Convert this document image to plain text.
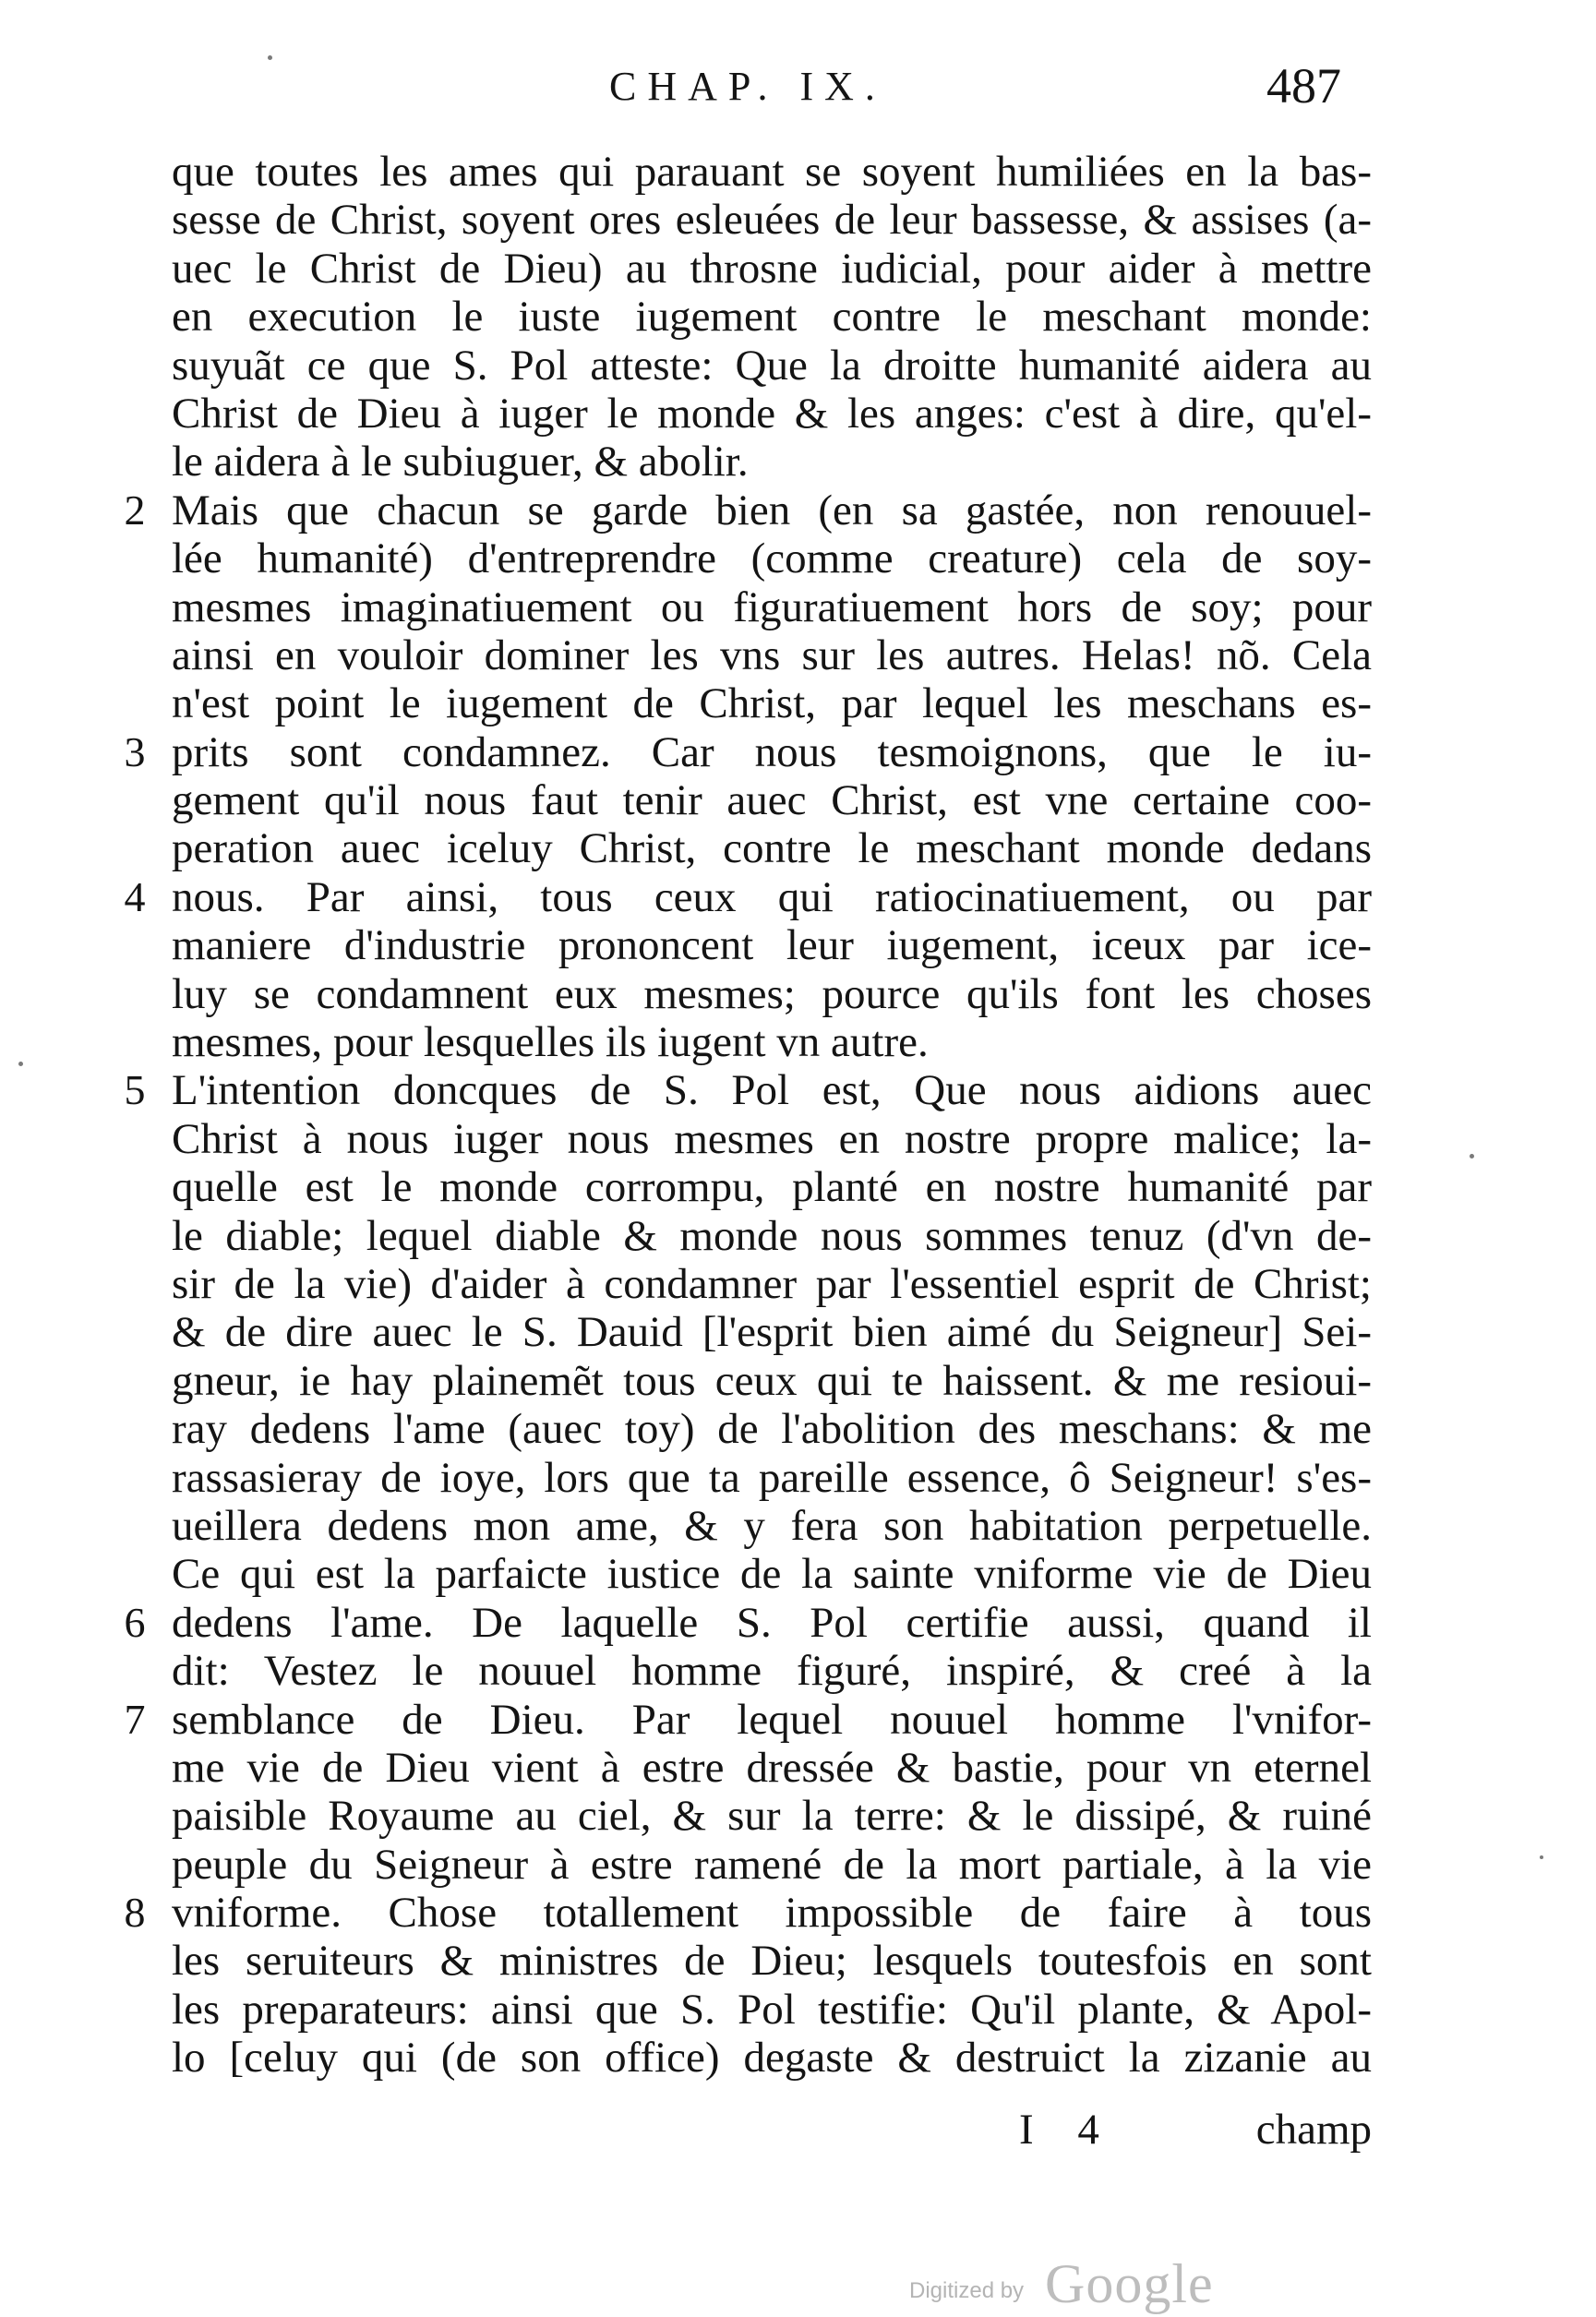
CHAP. IX.	487
que toutes les ames qui parauant se soyent humiliées en la bas-
sesse de Christ, soyent ores esleuées de leur bassesse, & assises (a-
uec le Christ de Dieu) au throsne iudicial, pour aider à mettre
en execution le iuste iugement contre le meschant monde:
suyuãt ce que S. Pol atteste: Que la droitte humanité aidera au
Christ de Dieu à iuger le monde & les anges: c'est à dire, qu'el-
le aidera à le subiuguer, & abolir.
2 Mais que chacun se garde bien (en sa gastée, non renouuel-
lée humanité) d'entreprendre (comme creature) cela de soy-
mesmes imaginatiuement ou figuratiuement hors de soy; pour
ainsi en vouloir dominer les vns sur les autres. Helas! nõ. Cela
n'est point le iugement de Christ, par lequel les meschans es-
3 prits sont condamnez. Car nous tesmoignons, que le iu-
gement qu'il nous faut tenir auec Christ, est vne certaine coo-
peration auec iceluy Christ, contre le meschant monde dedans
4 nous. Par ainsi, tous ceux qui ratiocinatiuement, ou par
maniere d'industrie prononcent leur iugement, iceux par ice-
luy se condamnent eux mesmes; pource qu'ils font les choses
mesmes, pour lesquelles ils iugent vn autre.
5 L'intention doncques de S. Pol est, Que nous aidions auec
Christ à nous iuger nous mesmes en nostre propre malice; la-
quelle est le monde corrompu, planté en nostre humanité par
le diable; lequel diable & monde nous sommes tenuz (d'vn de-
sir de la vie) d'aider à condamner par l'essentiel esprit de Christ;
& de dire auec le S. Dauid [l'esprit bien aimé du Seigneur] Sei-
gneur, ie hay plainemẽt tous ceux qui te haissent. & me resioui-
ray dedens l'ame (auec toy) de l'abolition des meschans: & me
rassasieray de ioye, lors que ta pareille essence, ô Seigneur! s'es-
ueillera dedens mon ame, & y fera son habitation perpetuelle.
Ce qui est la parfaicte iustice de la sainte vniforme vie de Dieu
6 dedens l'ame. De laquelle S. Pol certifie aussi, quand il
dit: Vestez le nouuel homme figuré, inspiré, & creé à la
7 semblance de Dieu. Par lequel nouuel homme l'vnifor-
me vie de Dieu vient à estre dressée & bastie, pour vn eternel
paisible Royaume au ciel, & sur la terre: & le dissipé, & ruiné
peuple du Seigneur à estre ramené de la mort partiale, à la vie
8 vniforme. Chose totallement impossible de faire à tous
les seruiteurs & ministres de Dieu; lesquels toutesfois en sont
les preparateurs: ainsi que S. Pol testifie: Qu'il plante, & Apol-
lo [celuy qui (de son office) degaste & destruict la zizanie au
I 4	champ
Digitized by Google
